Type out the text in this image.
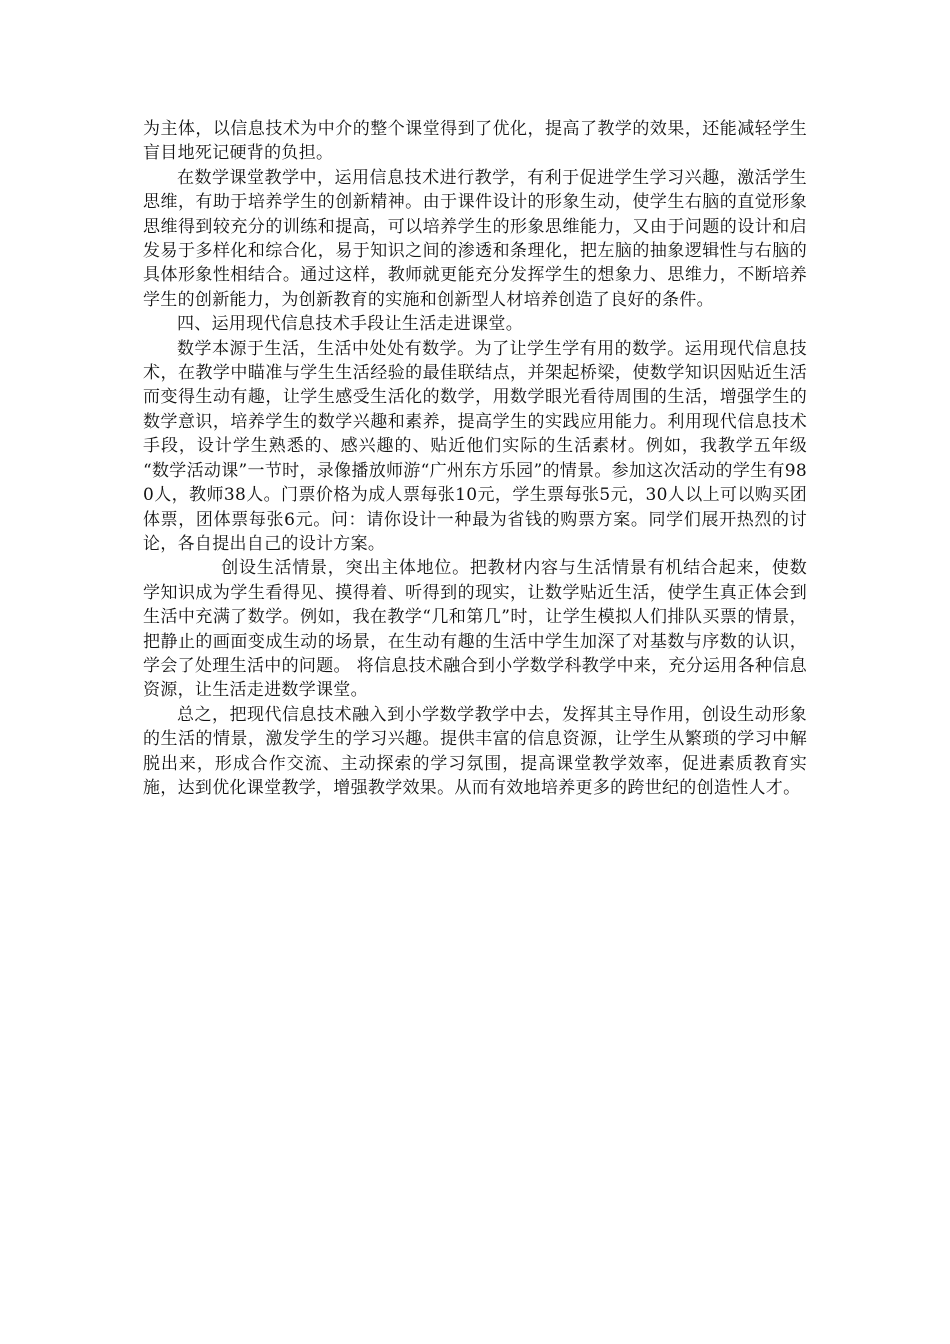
为主体，以信息技术为中介的整个课堂得到了优化，提高了教学的效果，还能减轻学生盲目地死记硬背的负担。

在数学课堂教学中，运用信息技术进行教学，有利于促进学生学习兴趣，激活学生思维，有助于培养学生的创新精神。由于课件设计的形象生动，使学生右脑的直觉形象思维得到较充分的训练和提高，可以培养学生的形象思维能力，又由于问题的设计和启发易于多样化和综合化，易于知识之间的渗透和条理化，把左脑的抽象逻辑性与右脑的具体形象性相结合。通过这样，教师就更能充分发挥学生的想象力、思维力，不断培养学生的创新能力，为创新教育的实施和创新型人材培养创造了良好的条件。

四、运用现代信息技术手段让生活走进课堂。

数学本源于生活，生活中处处有数学。为了让学生学有用的数学。运用现代信息技术，在教学中瞄准与学生生活经验的最佳联结点，并架起桥梁，使数学知识因贴近生活而变得生动有趣，让学生感受生活化的数学，用数学眼光看待周围的生活，增强学生的数学意识，培养学生的数学兴趣和素养，提高学生的实践应用能力。利用现代信息技术手段，设计学生熟悉的、感兴趣的、贴近他们实际的生活素材。例如，我教学五年级 “数学活动课”一节时，录像播放师游“广州东方乐园”的情景。参加这次活动的学生有980人，教师38人。门票价格为成人票每张10元，学生票每张5元，30人以上可以购买团体票，团体票每张6元。问：请你设计一种最为省钱的购票方案。同学们展开热烈的讨论，各自提出自己的设计方案。

创设生活情景，突出主体地位。把教材内容与生活情景有机结合起来，使数学知识成为学生看得见、摸得着、听得到的现实，让数学贴近生活，使学生真正体会到生活中充满了数学。例如，我在教学“几和第几”时，让学生模拟人们排队买票的情景，把静止的画面变成生动的场景，在生动有趣的生活中学生加深了对基数与序数的认识，学会了处理生活中的问题。 将信息技术融合到小学数学科教学中来，充分运用各种信息资源，让生活走进数学课堂。

总之，把现代信息技术融入到小学数学教学中去，发挥其主导作用，创设生动形象的生活的情景，激发学生的学习兴趣。提供丰富的信息资源，让学生从繁琐的学习中解脱出来，形成合作交流、主动探索的学习氛围，提高课堂教学效率，促进素质教育实施，达到优化课堂教学，增强教学效果。从而有效地培养更多的跨世纪的创造性人才。
